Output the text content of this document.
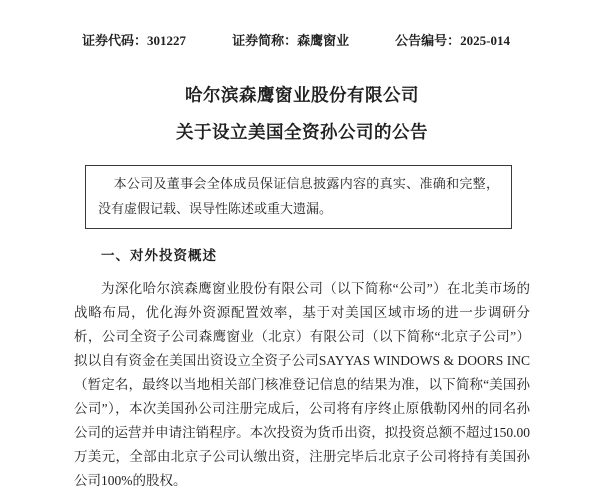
证券代码：301227	证券简称：森鹰窗业	公告编号：2025-014
哈尔滨森鹰窗业股份有限公司
关于设立美国全资孙公司的公告

本公司及董事会全体成员保证信息披露内容的真实、准确和完整，没有虚假记载、误导性陈述或重大遗漏。

一、对外投资概述

为深化哈尔滨森鹰窗业股份有限公司（以下简称“公司”）在北美市场的战略布局，优化海外资源配置效率，基于对美国区域市场的进一步调研分析，公司全资子公司森鹰窗业（北京）有限公司（以下简称“北京子公司”）拟以自有资金在美国出资设立全资子公司SAYYAS WINDOWS & DOORS INC（暂定名，最终以当地相关部门核准登记信息的结果为准，以下简称“美国孙公司”），本次美国孙公司注册完成后，公司将有序终止原俄勒冈州的同名孙公司的运营并申请注销程序。本次投资为货币出资，拟投资总额不超过150.00万美元，全部由北京子公司认缴出资，注册完毕后北京子公司将持有美国孙公司100%的股权。
